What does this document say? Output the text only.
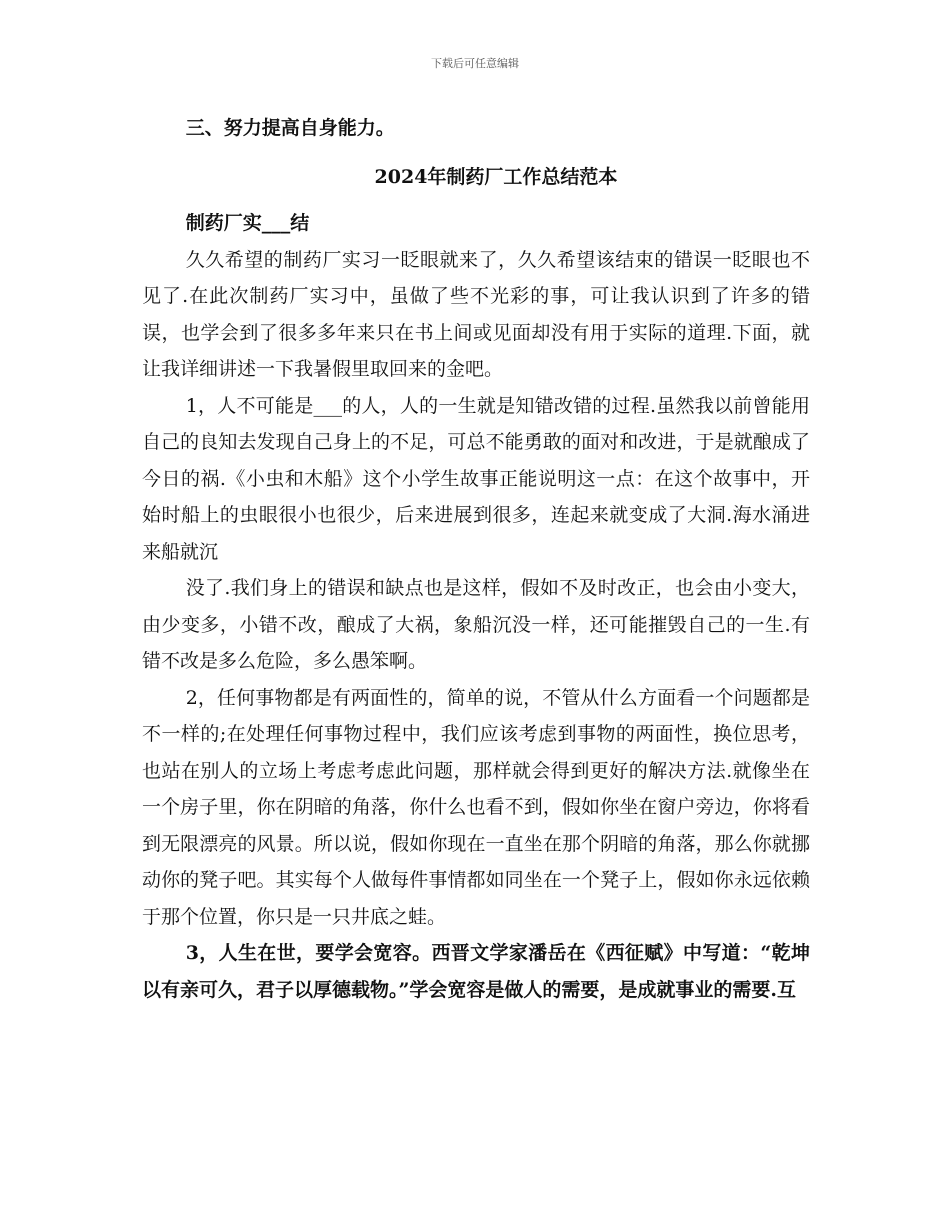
下载后可任意编辑

三、努力提高自身能力。

2024年制药厂工作总结范本

制药厂实___结

久久希望的制药厂实习一眨眼就来了，久久希望该结束的错误一眨眼也不见了.在此次制药厂实习中，虽做了些不光彩的事，可让我认识到了许多的错误，也学会到了很多多年来只在书上间或见面却没有用于实际的道理.下面，就让我详细讲述一下我暑假里取回来的金吧。

1，人不可能是___的人，人的一生就是知错改错的过程.虽然我以前曾能用自己的良知去发现自己身上的不足，可总不能勇敢的面对和改进，于是就酿成了今日的祸.《小虫和木船》这个小学生故事正能说明这一点：在这个故事中，开始时船上的虫眼很小也很少，后来进展到很多，连起来就变成了大洞.海水涌进来船就沉

没了.我们身上的错误和缺点也是这样，假如不及时改正，也会由小变大，由少变多，小错不改，酿成了大祸，象船沉没一样，还可能摧毁自己的一生.有错不改是多么危险，多么愚笨啊。

2，任何事物都是有两面性的，简单的说，不管从什么方面看一个问题都是不一样的;在处理任何事物过程中，我们应该考虑到事物的两面性，换位思考，也站在别人的立场上考虑考虑此问题，那样就会得到更好的解决方法.就像坐在一个房子里，你在阴暗的角落，你什么也看不到，假如你坐在窗户旁边，你将看到无限漂亮的风景。所以说，假如你现在一直坐在那个阴暗的角落，那么你就挪动你的凳子吧。其实每个人做每件事情都如同坐在一个凳子上，假如你永远依赖于那个位置，你只是一只井底之蛙。

3，人生在世，要学会宽容。西晋文学家潘岳在《西征赋》中写道：“乾坤以有亲可久，君子以厚德载物。”学会宽容是做人的需要，是成就事业的需要.互
